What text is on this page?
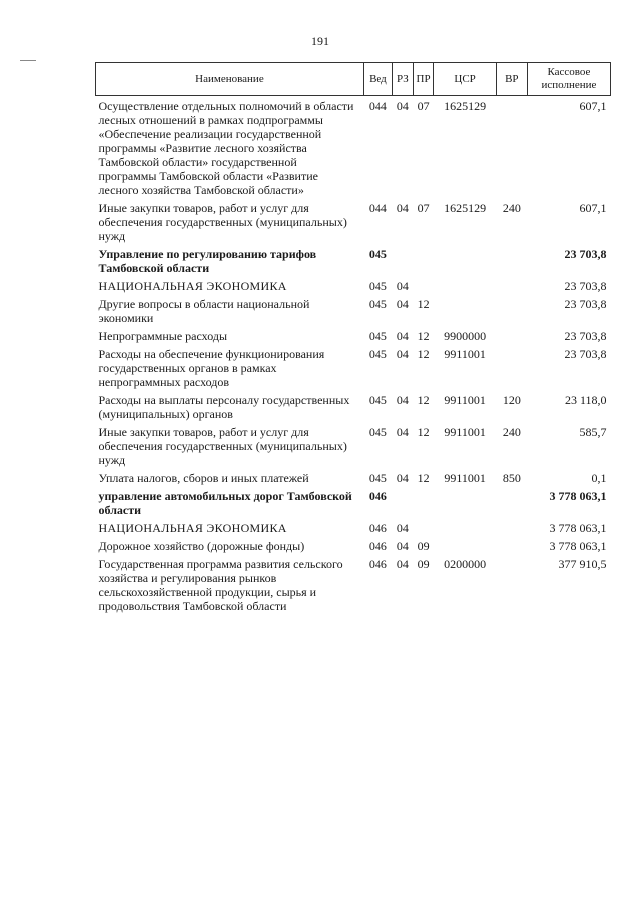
191
Наименование	Вед	РЗ	ПР	ЦСР	ВР	Кассовое исполнение
Осуществление отдельных полномочий в области лесных отношений в рамках подпрограммы «Обеспечение реализации государственной программы «Развитие лесного хозяйства Тамбовской области» государственной программы Тамбовской области «Развитие лесного хозяйства Тамбовской области»	044	04	07	1625129		607,1
Иные закупки товаров, работ и услуг для обеспечения государственных (муниципальных) нужд	044	04	07	1625129	240	607,1
Управление по регулированию тарифов Тамбовской области	045					23 703,8
НАЦИОНАЛЬНАЯ ЭКОНОМИКА	045	04				23 703,8
Другие вопросы в области национальной экономики	045	04	12			23 703,8
Непрограммные расходы	045	04	12	9900000		23 703,8
Расходы на обеспечение функционирования государственных органов в рамках непрограммных расходов	045	04	12	9911001		23 703,8
Расходы на выплаты персоналу государственных (муниципальных) органов	045	04	12	9911001	120	23 118,0
Иные закупки товаров, работ и услуг для обеспечения государственных (муниципальных) нужд	045	04	12	9911001	240	585,7
Уплата налогов, сборов и иных платежей	045	04	12	9911001	850	0,1
управление автомобильных дорог Тамбовской области	046					3 778 063,1
НАЦИОНАЛЬНАЯ ЭКОНОМИКА	046	04				3 778 063,1
Дорожное хозяйство (дорожные фонды)	046	04	09			3 778 063,1
Государственная программа развития сельского хозяйства и регулирования рынков сельскохозяйственной продукции, сырья и продовольствия Тамбовской области	046	04	09	0200000		377 910,5
